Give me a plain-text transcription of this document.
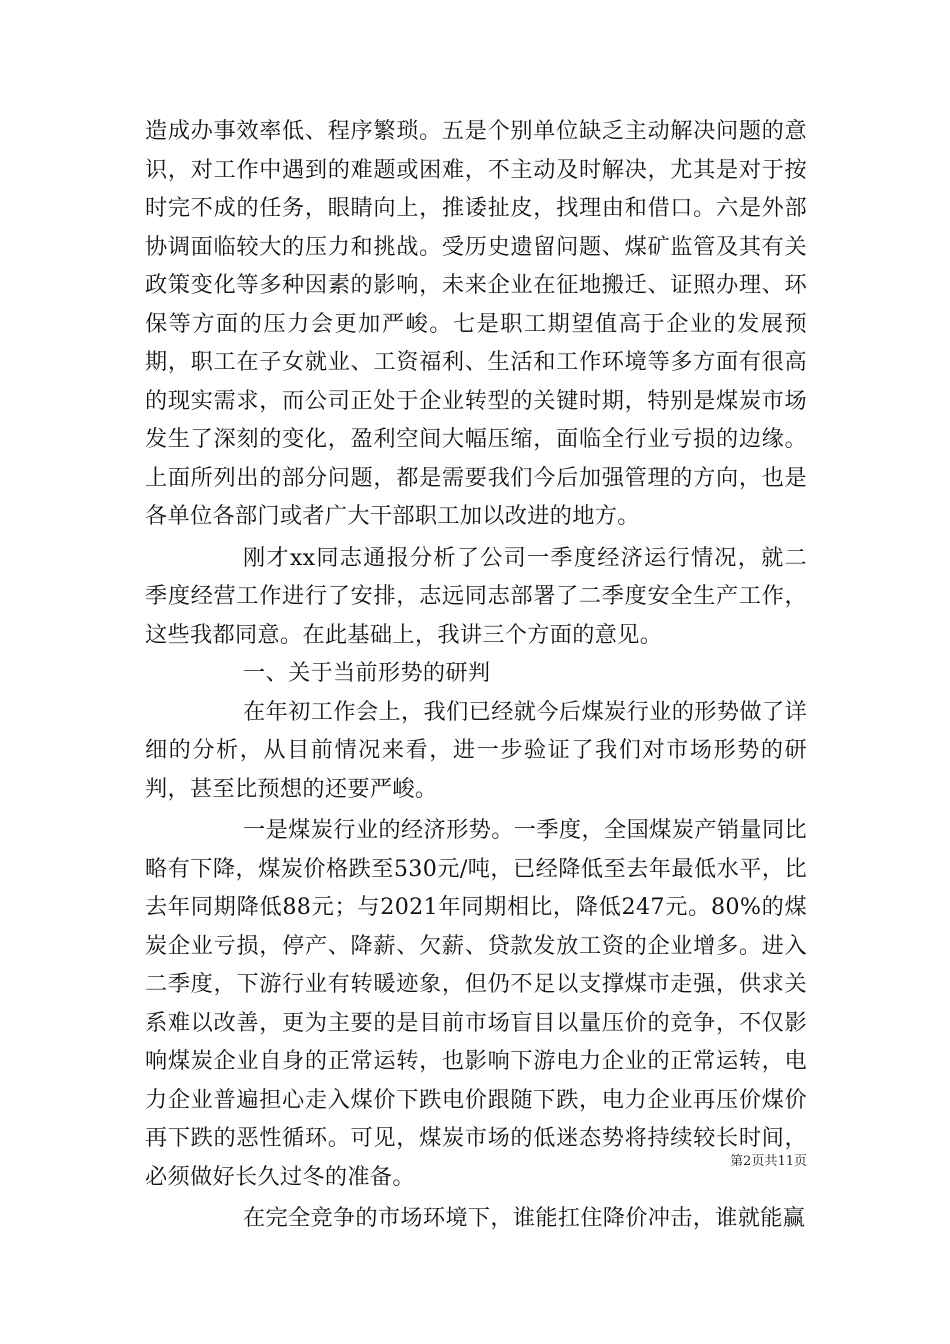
造成办事效率低、程序繁琐。五是个别单位缺乏主动解决问题的意识，对工作中遇到的难题或困难，不主动及时解决，尤其是对于按时完不成的任务，眼睛向上，推诿扯皮，找理由和借口。六是外部协调面临较大的压力和挑战。受历史遗留问题、煤矿监管及其有关政策变化等多种因素的影响，未来企业在征地搬迁、证照办理、环保等方面的压力会更加严峻。七是职工期望值高于企业的发展预期，职工在子女就业、工资福利、生活和工作环境等多方面有很高的现实需求，而公司正处于企业转型的关键时期，特别是煤炭市场发生了深刻的变化，盈利空间大幅压缩，面临全行业亏损的边缘。上面所列出的部分问题，都是需要我们今后加强管理的方向，也是各单位各部门或者广大干部职工加以改进的地方。

刚才xx同志通报分析了公司一季度经济运行情况，就二季度经营工作进行了安排，志远同志部署了二季度安全生产工作，这些我都同意。在此基础上，我讲三个方面的意见。

一、关于当前形势的研判

在年初工作会上，我们已经就今后煤炭行业的形势做了详细的分析，从目前情况来看，进一步验证了我们对市场形势的研判，甚至比预想的还要严峻。

一是煤炭行业的经济形势。一季度，全国煤炭产销量同比略有下降，煤炭价格跌至530元/吨，已经降低至去年最低水平，比去年同期降低88元；与2021年同期相比，降低247元。80%的煤炭企业亏损，停产、降薪、欠薪、贷款发放工资的企业增多。进入二季度，下游行业有转暖迹象，但仍不足以支撑煤市走强，供求关系难以改善，更为主要的是目前市场盲目以量压价的竞争，不仅影响煤炭企业自身的正常运转，也影响下游电力企业的正常运转，电力企业普遍担心走入煤价下跌电价跟随下跌，电力企业再压价煤价再下跌的恶性循环。可见，煤炭市场的低迷态势将持续较长时间，必须做好长久过冬的准备。

在完全竞争的市场环境下，谁能扛住降价冲击，谁就能赢

第2页共11页
